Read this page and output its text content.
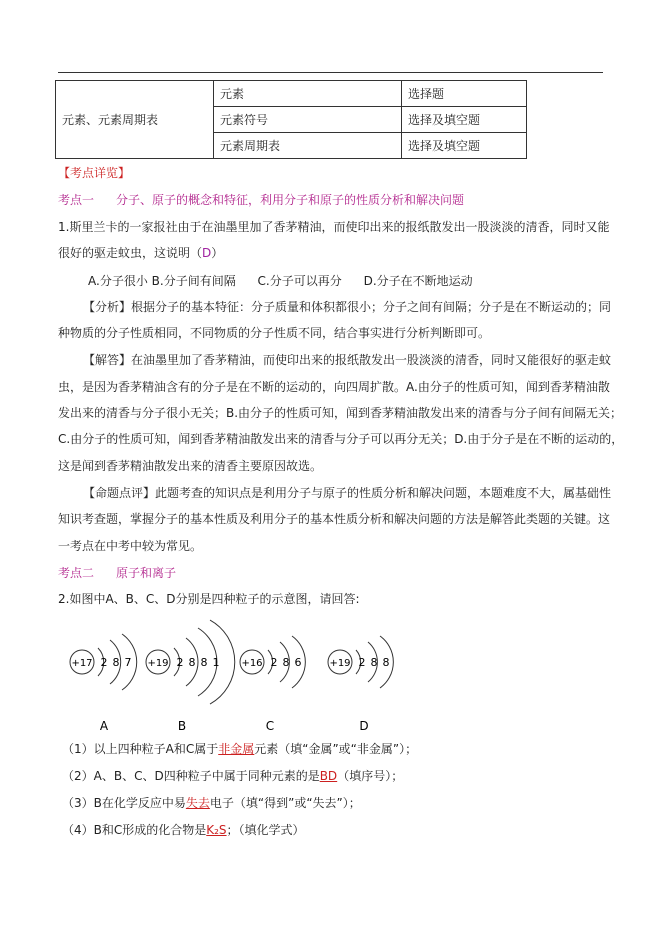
元素、元素周期表	元素	选择题
	元素符号	选择及填空题
	元素周期表	选择及填空题
【考点详览】
考点一 分子、原子的概念和特征，利用分子和原子的性质分析和解决问题
1.斯里兰卡的一家报社由于在油墨里加了香茅精油，而使印出来的报纸散发出一股淡淡的清香，同时又能
很好的驱走蚊虫，这说明（D）
A.分子很小 B.分子间有间隔 C.分子可以再分 D.分子在不断地运动
【分析】根据分子的基本特征：分子质量和体积都很小；分子之间有间隔；分子是在不断运动的；同
种物质的分子性质相同，不同物质的分子性质不同，结合事实进行分析判断即可。
【解答】在油墨里加了香茅精油，而使印出来的报纸散发出一股淡淡的清香，同时又能很好的驱走蚊
虫，是因为香茅精油含有的分子是在不断的运动的，向四周扩散。A.由分子的性质可知，闻到香茅精油散
发出来的清香与分子很小无关；B.由分子的性质可知，闻到香茅精油散发出来的清香与分子间有间隔无关；
C.由分子的性质可知，闻到香茅精油散发出来的清香与分子可以再分无关；D.由于分子是在不断的运动的，
这是闻到香茅精油散发出来的清香主要原因故选。
【命题点评】此题考查的知识点是利用分子与原子的性质分析和解决问题，本题难度不大，属基础性
知识考查题，掌握分子的基本性质及利用分子的基本性质分析和解决问题的方法是解答此类题的关键。这
一考点在中考中较为常见。
考点二 原子和离子
2.如图中A、B、C、D分别是四种粒子的示意图，请回答:
+17 2 8 7
A
+19 2 8 8 1
B
+16 2 8 6
C
+19 2 8 8
D
（1）以上四种粒子A和C属于非金属元素（填“金属”或“非金属”）；
（2）A、B、C、D四种粒子中属于同种元素的是BD（填序号）；
（3）B在化学反应中易失去电子（填“得到”或“失去”）；
（4）B和C形成的化合物是K₂S；（填化学式）
